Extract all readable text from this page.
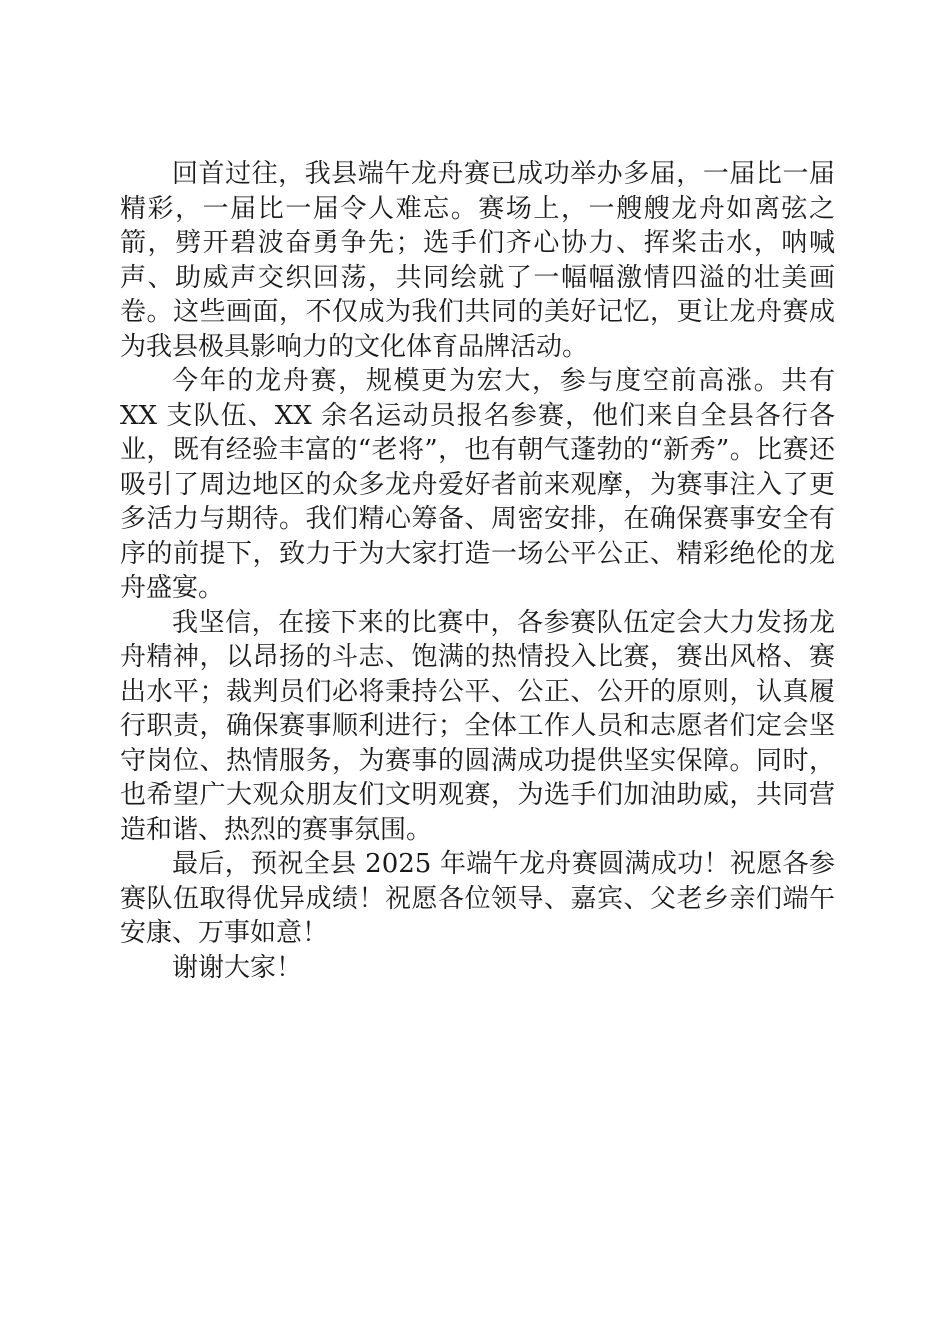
回首过往，我县端午龙舟赛已成功举办多届，一届比一届精彩，一届比一届令人难忘。赛场上，一艘艘龙舟如离弦之箭，劈开碧波奋勇争先；选手们齐心协力、挥桨击水，呐喊声、助威声交织回荡，共同绘就了一幅幅激情四溢的壮美画卷。这些画面，不仅成为我们共同的美好记忆，更让龙舟赛成为我县极具影响力的文化体育品牌活动。

今年的龙舟赛，规模更为宏大，参与度空前高涨。共有 XX 支队伍、XX 余名运动员报名参赛，他们来自全县各行各业，既有经验丰富的“老将”，也有朝气蓬勃的“新秀”。比赛还吸引了周边地区的众多龙舟爱好者前来观摩，为赛事注入了更多活力与期待。我们精心筹备、周密安排，在确保赛事安全有序的前提下，致力于为大家打造一场公平公正、精彩绝伦的龙舟盛宴。

我坚信，在接下来的比赛中，各参赛队伍定会大力发扬龙舟精神，以昂扬的斗志、饱满的热情投入比赛，赛出风格、赛出水平；裁判员们必将秉持公平、公正、公开的原则，认真履行职责，确保赛事顺利进行；全体工作人员和志愿者们定会坚守岗位、热情服务，为赛事的圆满成功提供坚实保障。同时，也希望广大观众朋友们文明观赛，为选手们加油助威，共同营造和谐、热烈的赛事氛围。

最后，预祝全县 2025 年端午龙舟赛圆满成功！祝愿各参赛队伍取得优异成绩！祝愿各位领导、嘉宾、父老乡亲们端午安康、万事如意！

谢谢大家！
